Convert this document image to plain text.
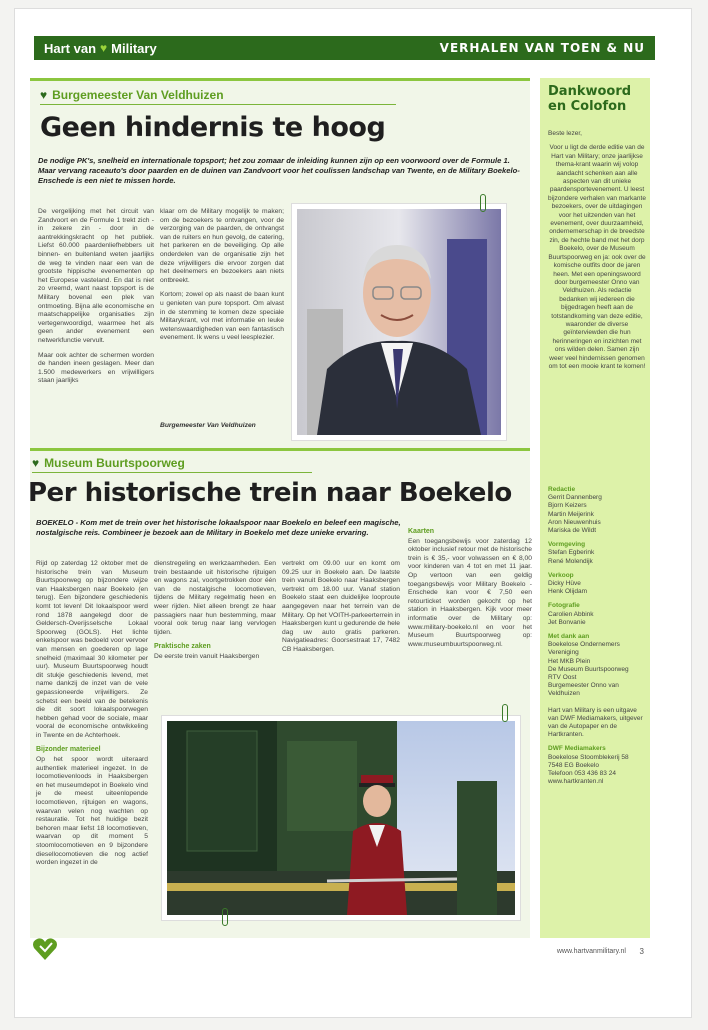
Hart van ♥ Military	VERHALEN VAN TOEN & NU
♥ Burgemeester Van Veldhuizen
Geen hindernis te hoog
De nodige PK's, snelheid en internationale topsport; het zou zomaar de inleiding kunnen zijn op een voorwoord over de Formule 1. Maar vervang raceauto's door paarden en de duinen van Zandvoort voor het coulissen landschap van Twente, en de Military Boekelo-Enschede is een niet te missen horde.

De vergelijking met het circuit van Zandvoort en de Formule 1 trekt zich - in zekere zin - door in de aantrekkingskracht op het publiek. Liefst 60.000 paardenliefhebbers uit binnen- en buitenland weten jaarlijks de weg te vinden naar een van de grootste hippische evenementen op het Europese vasteland. En dat is niet zo vreemd, want naast topsport is de Military bovenal een plek van ontmoeting. Bijna alle economische en maatschappelijke organisaties zijn vertegenwoordigd, waarmee het als geen ander evenement een netwerkfunctie vervult.

Maar ook achter de schermen worden de handen ineen geslagen. Meer dan 1.500 medewerkers en vrijwilligers staan jaarlijks

klaar om de Military mogelijk te maken; om de bezoekers te ontvangen, voor de verzorging van de paarden, de ontvangst van de ruiters en hun gevolg, de catering, het parkeren en de beveiliging. Op alle onderdelen van de organisatie zijn het deze vrijwilligers die ervoor zorgen dat het deelnemers en bezoekers aan niets ontbreekt.

Kortom; zowel op als naast de baan kunt u genieten van pure topsport. Om alvast in de stemming te komen deze speciale Militarykrant, vol met informatie en leuke wetenswaardigheden van een fantastisch evenement. Ik wens u veel leesplezier.

Burgemeester Van Veldhuizen
♥ Museum Buurtspoorweg
Per historische trein naar Boekelo
BOEKELO - Kom met de trein over het historische lokaalspoor naar Boekelo en beleef een magische, nostalgische reis. Combineer je bezoek aan de Military in Boekelo met deze unieke ervaring.

Rijd op zaterdag 12 oktober met de historische trein van Museum Buurtspoorweg op bijzondere wijze van Haaksbergen naar Boekelo (en terug). Een bijzondere geschiedenis komt tot leven! Dit lokaalspoor werd rond 1878 aangelegd door de Geldersch-Overijsselsche Lokaal Spoorweg (GOLS). Het lichte enkelspoor was bedoeld voor vervoer van mensen en goederen op lage snelheid (maximaal 30 kilometer per uur). Museum Buurtspoorweg houdt dit stukje geschiedenis levend, met name dankzij de inzet van de vele gepassioneerde vrijwilligers. Ze schetst een beeld van de betekenis die dit soort lokaalspoorwegen hebben gehad voor de sociale, maar vooral de economische ontwikkeling in Twente en de Achterhoek.

Bijzonder materieel

Op het spoor wordt uiteraard authentiek materieel ingezet. In de locomotievenloods in Haaksbergen en het museumdepot in Boekelo vind je de meest uiteenlopende locomotieven, rijtuigen en wagons, waarvan velen nog wachten op restauratie. Tot het huidige bezit behoren maar liefst 18 locomotieven, waarvan op dit moment 5 stoomlocomotieven en 9 bijzondere diesellocomotieven die nog actief worden ingezet in de

dienstregeling en werkzaamheden. Een trein bestaande uit historische rijtuigen en wagons zal, voortgetrokken door één van de nostalgische locomotieven, tijdens de Military regelmatig heen en weer rijden. Niet alleen brengt ze haar passagiers naar hun bestemming, maar vooral ook terug naar lang vervlogen tijden.

Praktische zaken

De eerste trein vanuit Haaksbergen

vertrekt om 09.00 uur en komt om 09.25 uur in Boekelo aan. De laatste trein vanuit Boekelo naar Haaksbergen vertrekt om 18.00 uur. Vanaf station Boekelo staat een duidelijke looproute aangegeven naar het terrein van de Military. Op het VOITH-parkeerterrein in Haaksbergen kunt u gedurende de hele dag uw auto gratis parkeren. Navigatieadres: Goorsestraat 17, 7482 CB Haaksbergen.

Kaarten

Een toegangsbewijs voor zaterdag 12 oktober inclusief retour met de historische trein is € 35,- voor volwassen en € 8,00 voor kinderen van 4 tot en met 11 jaar. Op vertoon van een geldig toegangsbewijs voor Military Boekelo - Enschede kan voor € 7,50 een retourticket worden gekocht op het station in Haaksbergen. Kijk voor meer informatie over de Military op: www.military-boekelo.nl en voor het Museum Buurtspoorweg op: www.museumbuurtspoorweg.nl.

Dankwoord en Colofon

Beste lezer,

Voor u ligt de derde editie van de Hart van Military; onze jaarlijkse thema-krant waarin wij volop aandacht schenken aan alle aspecten van dit unieke paardensportevenement. U leest bijzondere verhalen van markante bezoekers, over de uitdagingen voor het uitzenden van het evenement, over duurzaamheid, ondernemerschap in de breedste zin, de hechte band met het dorp Boekelo, over de Museum Buurtspoorweg en ja: ook over de komische outfits door de jaren heen. Met een openingswoord door burgemeester Onno van Veldhuizen. Als redactie bedanken wij iedereen die bijgedragen heeft aan de totstandkoming van deze editie, waaronder de diverse geïnterviewden die hun herinneringen en inzichten met ons wilden delen. Samen zijn weer veel hindernissen genomen om tot een mooie krant te komen!

Redactie
Gerrit Dannenberg
Bjorn Keizers
Martin Meijerink
Aron Nieuwenhuis
Mariska de Wildt
Vormgeving
Stefan Egberink
René Molendijk
Verkoop
Dicky Hüve
Henk Olijdam
Fotografie
Carolien Abbink
Jet Bonvanie
Met dank aan
Boekelose Ondernemers Vereniging
Het MKB Plein
De Museum Buurtspoorweg
RTV Oost
Burgemeester Onno van Veldhuizen
Hart van Military is een uitgave van DWF Mediamakers, uitgever van de Autopaper en de Hartkranten.
DWF Mediamakers
Boekelose Stoomblekerij 58
7548 EG Boekelo
Telefoon 053 436 83 24
www.hartkranten.nl
www.hartvanmilitary.nl 3
